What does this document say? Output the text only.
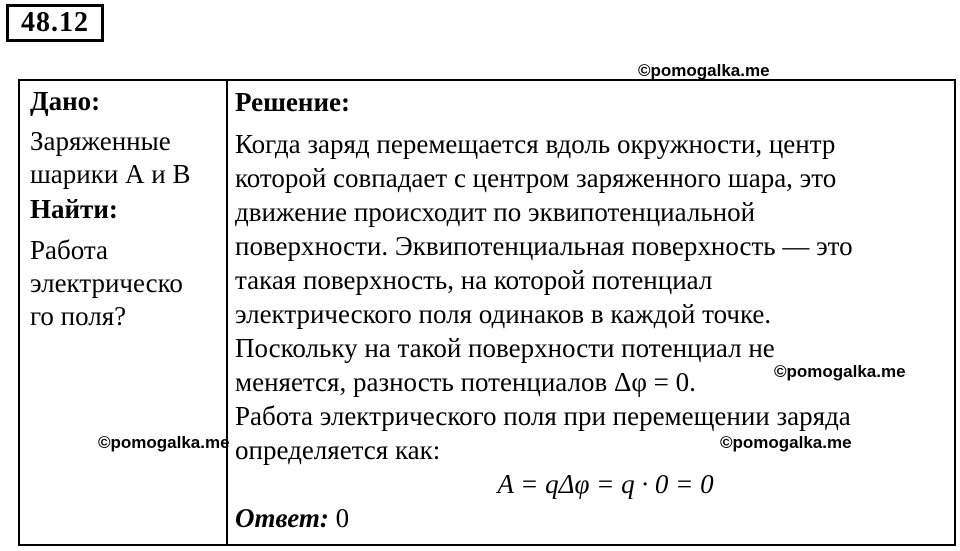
48.12

Дано:

Заряженные
шарики А и В

Найти:

Работа
электрическо
го поля?

Решение:

Когда заряд перемещается вдоль окружности, центр
которой совпадает с центром заряженного шара, это
движение происходит по эквипотенциальной
поверхности. Эквипотенциальная поверхность — это
такая поверхность, на которой потенциал
электрического поля одинаков в каждой точке.
Поскольку на такой поверхности потенциал не
меняется, разность потенциалов Δφ = 0.
Работа электрического поля при перемещении заряда
определяется как:
A = qΔφ = q · 0 = 0
Ответ: 0
©pomogalka.me
©pomogalka.me
©pomogalka.me	©pomogalka.me
